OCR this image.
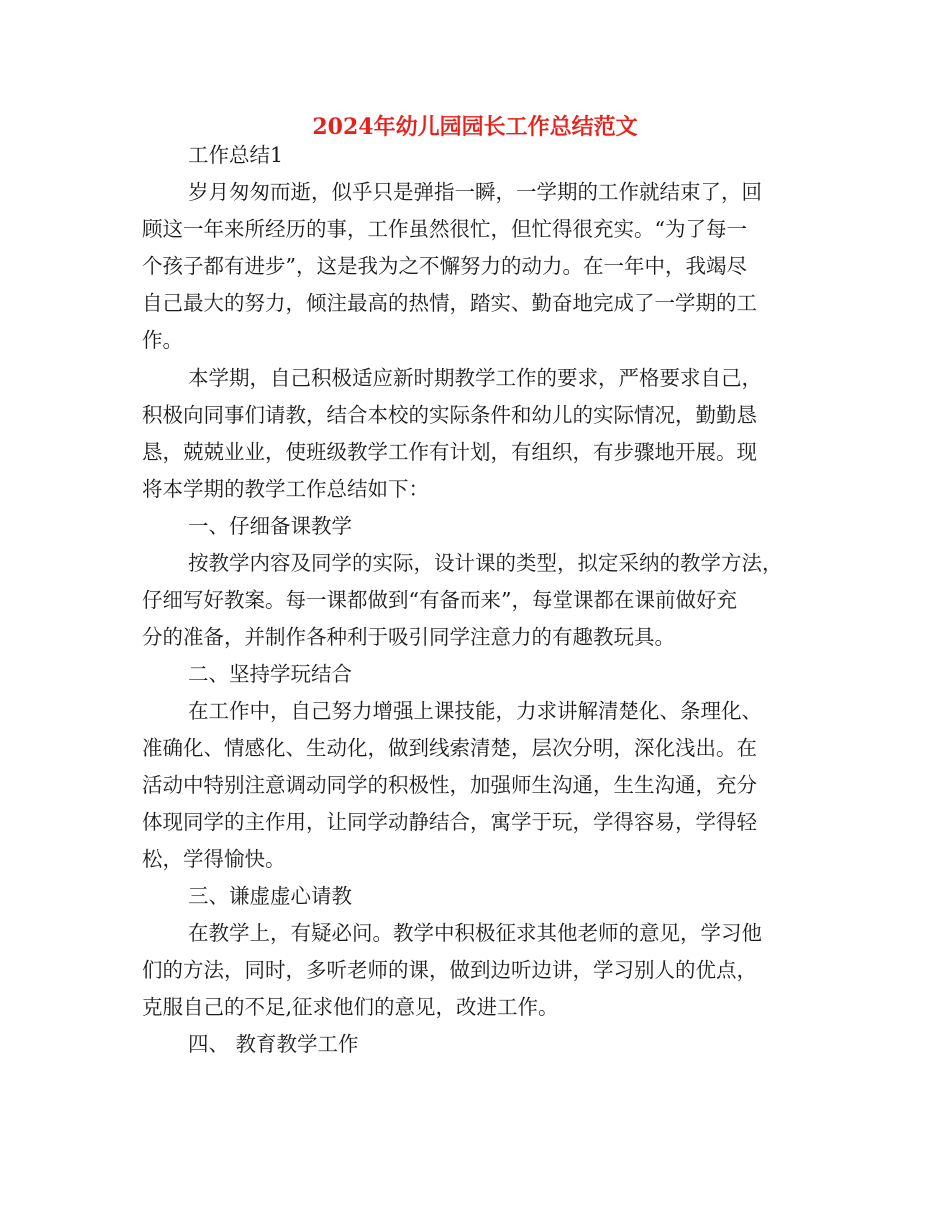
2024年幼儿园园长工作总结范文
工作总结1
岁月匆匆而逝，似乎只是弹指一瞬，一学期的工作就结束了，回
顾这一年来所经历的事，工作虽然很忙，但忙得很充实。“为了每一
个孩子都有进步”，这是我为之不懈努力的动力。在一年中，我竭尽
自己最大的努力，倾注最高的热情，踏实、勤奋地完成了一学期的工
作。
本学期，自己积极适应新时期教学工作的要求，严格要求自己，
积极向同事们请教，结合本校的实际条件和幼儿的实际情况，勤勤恳
恳，兢兢业业，使班级教学工作有计划，有组织，有步骤地开展。现
将本学期的教学工作总结如下：
一、仔细备课教学
按教学内容及同学的实际，设计课的类型，拟定采纳的教学方法，
仔细写好教案。每一课都做到“有备而来”，每堂课都在课前做好充
分的准备，并制作各种利于吸引同学注意力的有趣教玩具。
二、坚持学玩结合
在工作中，自己努力增强上课技能，力求讲解清楚化、条理化、
准确化、情感化、生动化，做到线索清楚，层次分明，深化浅出。在
活动中特别注意调动同学的积极性，加强师生沟通，生生沟通，充分
体现同学的主作用，让同学动静结合，寓学于玩，学得容易，学得轻
松，学得愉快。
三、谦虚虚心请教
在教学上，有疑必问。教学中积极征求其他老师的意见，学习他
们的方法，同时，多听老师的课，做到边听边讲，学习别人的优点，
克服自己的不足,征求他们的意见，改进工作。
四、 教育教学工作
